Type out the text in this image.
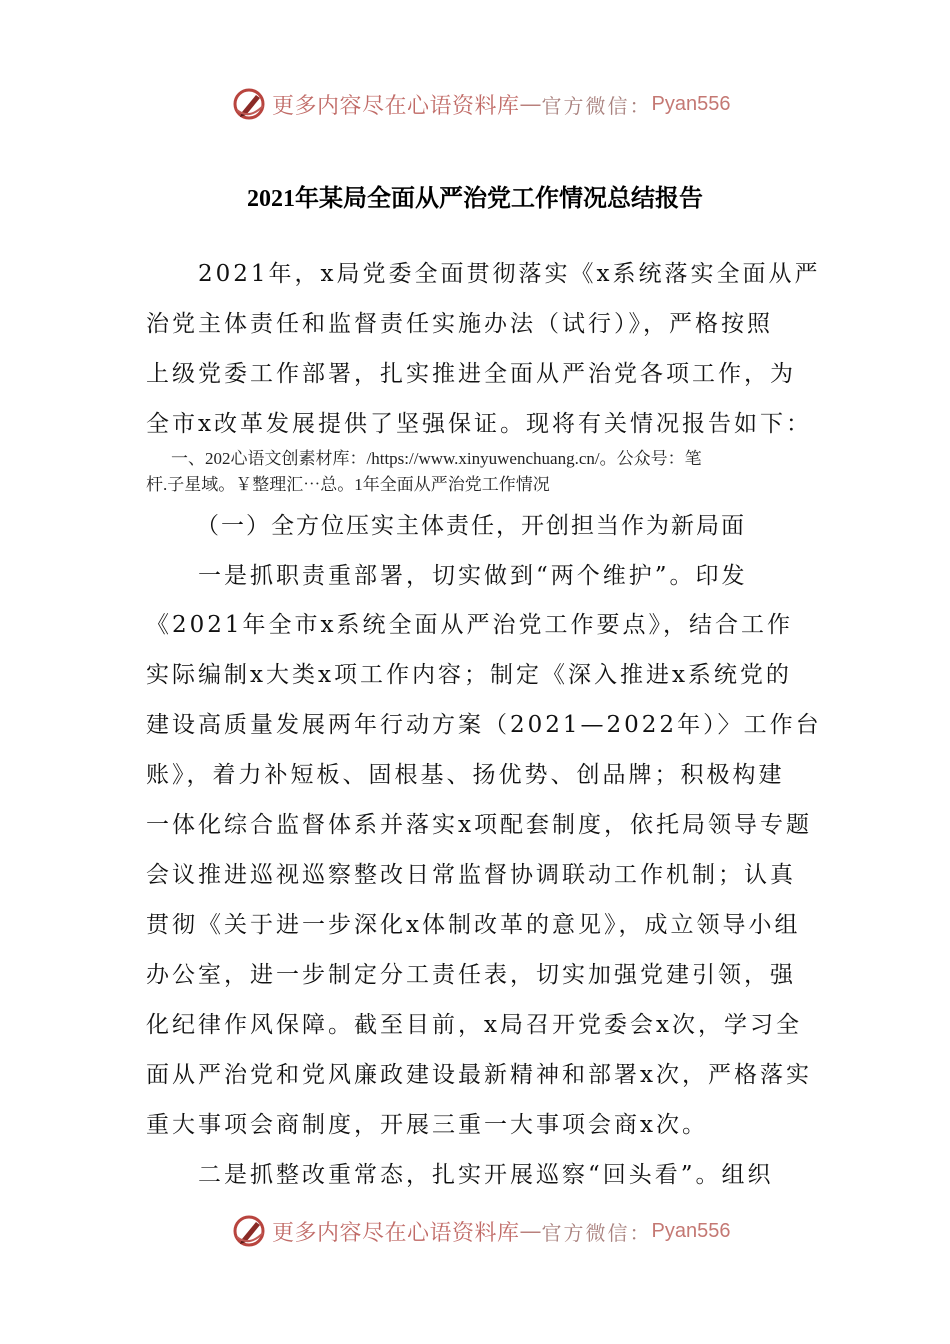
更多内容尽在心语资料库 — 官方微信： Pyan556
2021年某局全面从严治党工作情况总结报告
　　2021年，x局党委全面贯彻落实《x系统落实全面从严
治党主体责任和监督责任实施办法（试行）》，严格按照
上级党委工作部署，扎实推进全面从严治党各项工作，为
全市x改革发展提供了坚强保证。现将有关情况报告如下：
一、202心语文创素材库：/https://www.xinyuwenchuang.cn/。公众号：笔
杆.子星域。￥整理汇⋯总。1年全面从严治党工作情况
（一）全方位压实主体责任，开创担当作为新局面
　　一是抓职责重部署，切实做到“两个维护”。印发
《2021年全市x系统全面从严治党工作要点》，结合工作
实际编制x大类x项工作内容；制定《深入推进x系统党的
建设高质量发展两年行动方案（2021—2022年）〉工作台
账》，着力补短板、固根基、扬优势、创品牌；积极构建
一体化综合监督体系并落实x项配套制度，依托局领导专题
会议推进巡视巡察整改日常监督协调联动工作机制；认真
贯彻《关于进一步深化x体制改革的意见》，成立领导小组
办公室，进一步制定分工责任表，切实加强党建引领，强
化纪律作风保障。截至目前，x局召开党委会x次，学习全
面从严治党和党风廉政建设最新精神和部署x次，严格落实
重大事项会商制度，开展三重一大事项会商x次。
　　二是抓整改重常态，扎实开展巡察“回头看”。组织
更多内容尽在心语资料库 — 官方微信： Pyan556
